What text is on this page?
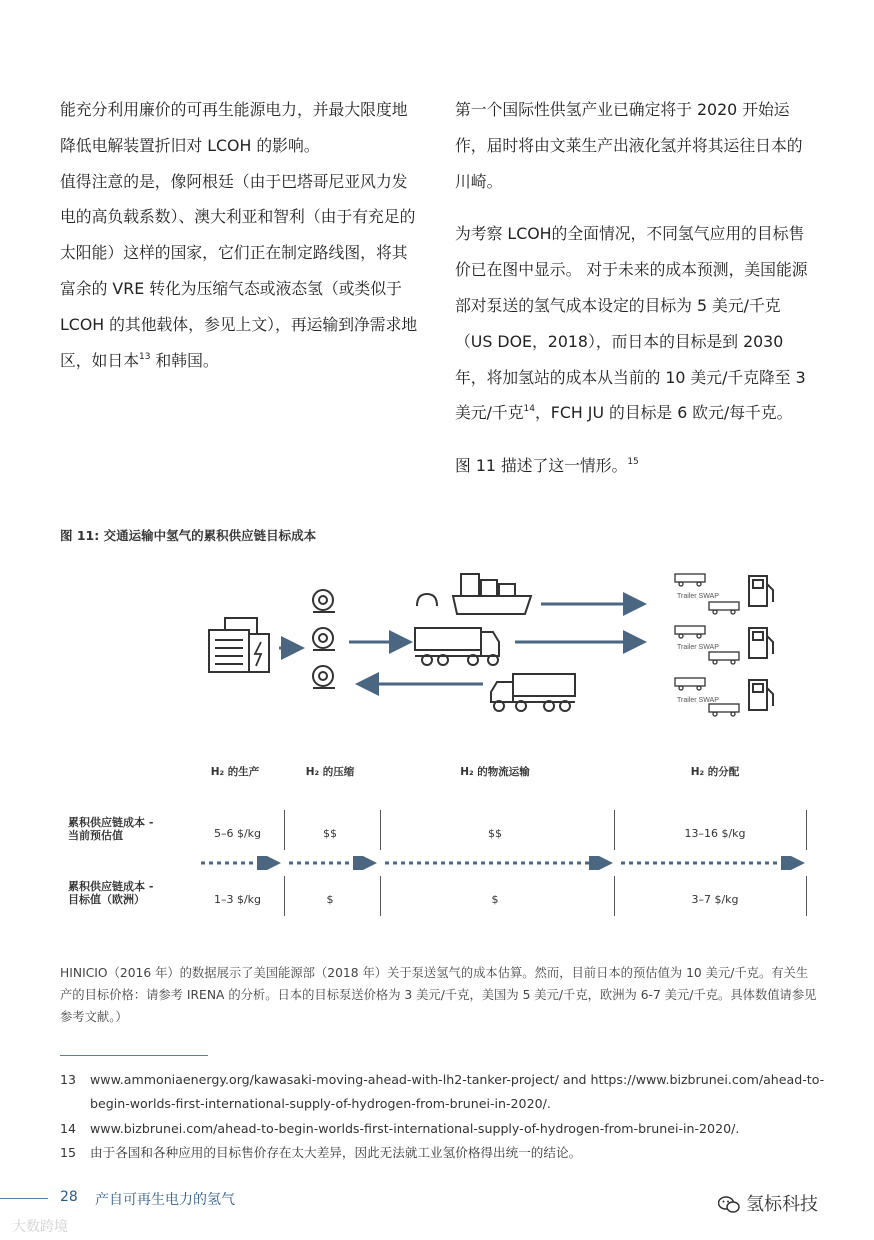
能充分利用廉价的可再生能源电力，并最大限度地降低电解装置折旧对 LCOH 的影响。

值得注意的是，像阿根廷（由于巴塔哥尼亚风力发电的高负载系数）、澳大利亚和智利（由于有充足的太阳能）这样的国家，它们正在制定路线图，将其富余的 VRE 转化为压缩气态或液态氢（或类似于 LCOH 的其他载体，参见上文），再运输到净需求地区，如日本$^{13}$ 和韩国。

第一个国际性供氢产业已确定将于 2020 开始运作，届时将由文莱生产出液化氢并将其运往日本的川崎。

为考察 LCOH的全面情况，不同氢气应用的目标售价已在图中显示。 对于未来的成本预测，美国能源部对泵送的氢气成本设定的目标为 5 美元/千克（US DOE，2018），而日本的目标是到 2030 年，将加氢站的成本从当前的 10 美元/千克降至 3 美元/千克$^{14}$，FCH JU 的目标是 6 欧元/每千克。

图 11 描述了这一情形。$^{15}$

图 11: 交通运输中氢气的累积供应链目标成本
Trailer SWAP
Trailer SWAP
Trailer SWAP
H₂ 的生产	H₂ 的压缩	H₂ 的物流运输	H₂ 的分配
累积供应链成本 -
当前预估值	5–6 $/kg	$$	$$	13–16 $/kg
累积供应链成本 -
目标值（欧洲）	1–3 $/kg	$	$	3–7 $/kg

HINICIO（2016 年）的数据展示了美国能源部（2018 年）关于泵送氢气的成本估算。然而，目前日本的预估值为 10 美元/千克。有关生产的目标价格：请参考 IRENA 的分析。日本的目标泵送价格为 3 美元/千克，美国为 5 美元/千克，欧洲为 6-7 美元/千克。具体数值请参见参考文献。）

13 www.ammoniaenergy.org/kawasaki-moving-ahead-with-lh2-tanker-project/ and https://www.bizbrunei.com/ahead-to-begin-worlds-first-international-supply-of-hydrogen-from-brunei-in-2020/.
14 www.bizbrunei.com/ahead-to-begin-worlds-first-international-supply-of-hydrogen-from-brunei-in-2020/.
15 由于各国和各种应用的目标售价存在太大差异，因此无法就工业氢价格得出统一的结论。
28 产自可再生电力的氢气
大数跨境
氢标科技
